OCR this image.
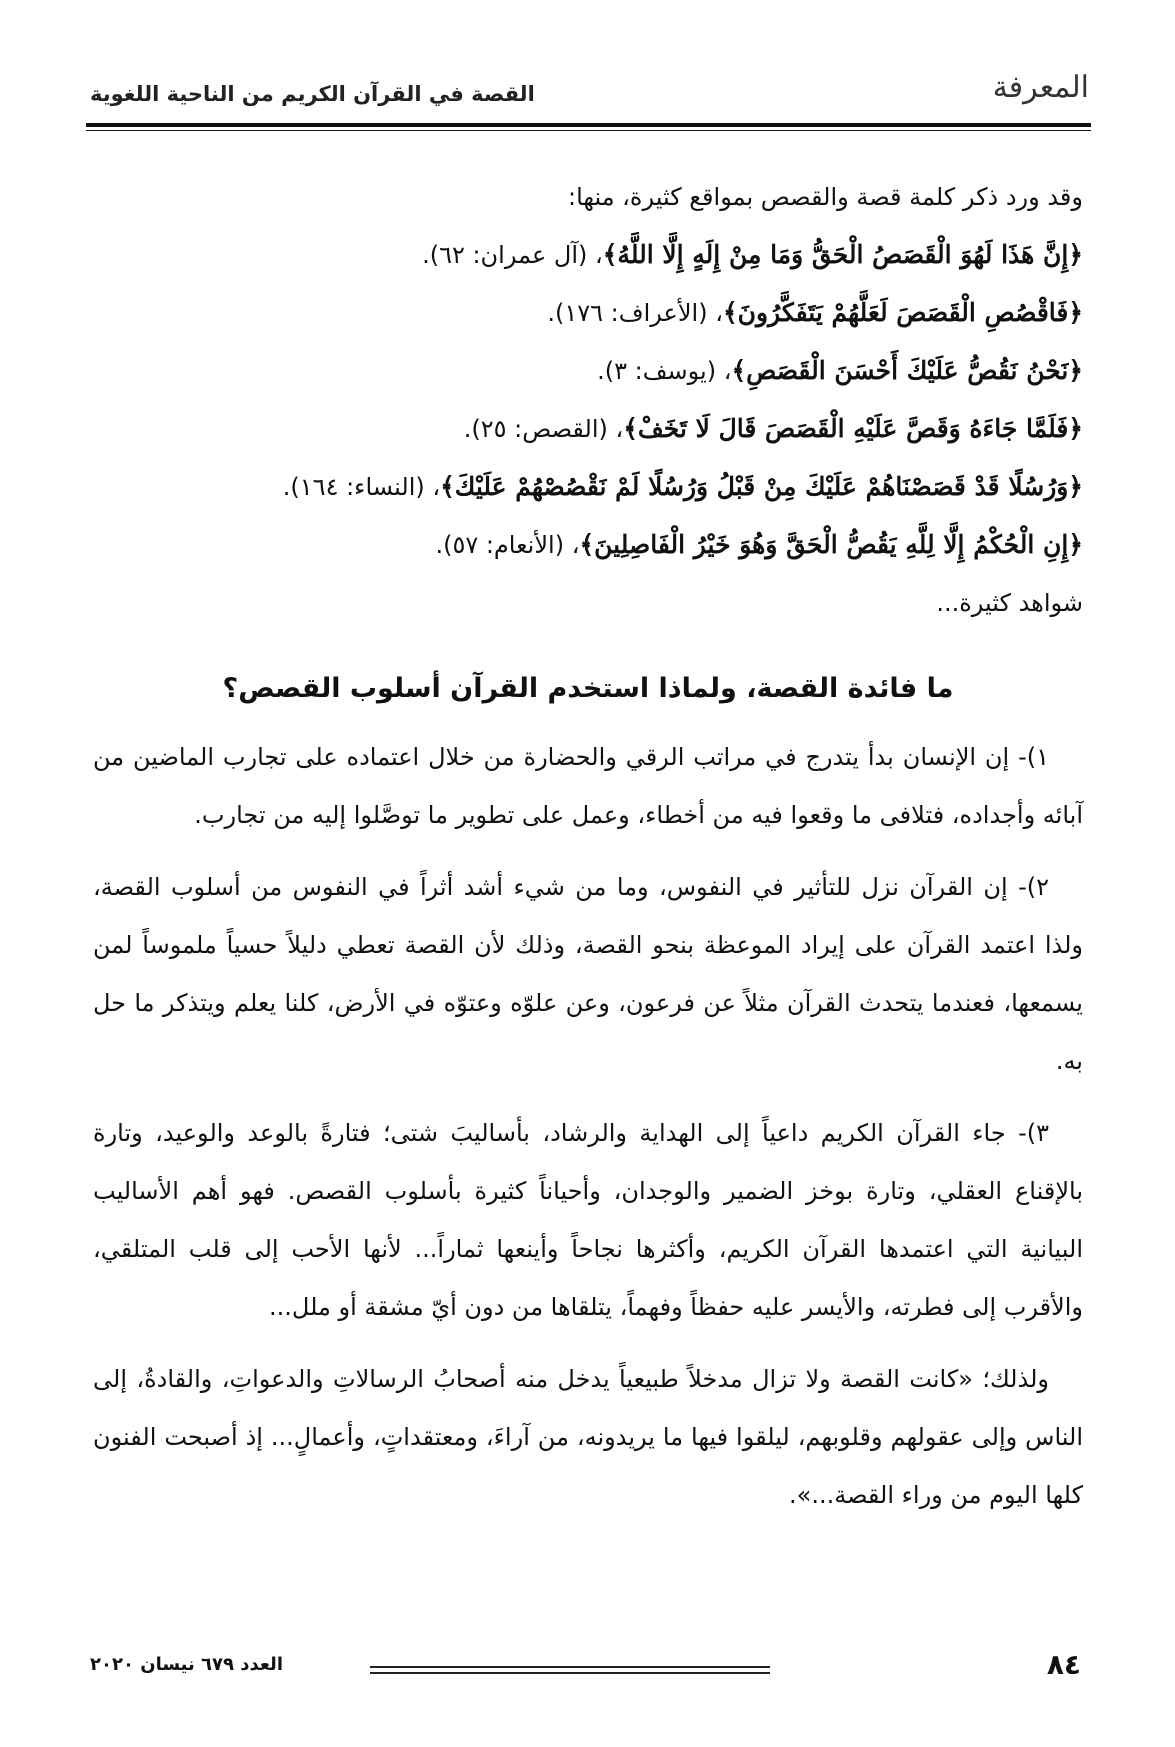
المعرفة
القصة في القرآن الكريم من الناحية اللغوية

وقد ورد ذكر كلمة قصة والقصص بمواقع كثيرة، منها:

﴿إِنَّ هَذَا لَهُوَ الْقَصَصُ الْحَقُّ وَمَا مِنْ إِلَهٍ إِلَّا اللَّهُ﴾، (آل عمران: ٦٢).
﴿فَاقْصُصِ الْقَصَصَ لَعَلَّهُمْ يَتَفَكَّرُونَ﴾، (الأعراف: ١٧٦).
﴿نَحْنُ نَقُصُّ عَلَيْكَ أَحْسَنَ الْقَصَصِ﴾، (يوسف: ٣).
﴿فَلَمَّا جَاءَهُ وَقَصَّ عَلَيْهِ الْقَصَصَ قَالَ لَا تَخَفْ﴾، (القصص: ٢٥).
﴿وَرُسُلًا قَدْ قَصَصْنَاهُمْ عَلَيْكَ مِنْ قَبْلُ وَرُسُلًا لَمْ نَقْصُصْهُمْ عَلَيْكَ﴾، (النساء: ١٦٤).
﴿إِنِ الْحُكْمُ إِلَّا لِلَّهِ يَقُصُّ الْحَقَّ وَهُوَ خَيْرُ الْفَاصِلِينَ﴾، (الأنعام: ٥٧).

شواهد كثيرة...

ما فائدة القصة، ولماذا استخدم القرآن أسلوب القصص؟

١)- إن الإنسان بدأ يتدرج في مراتب الرقي والحضارة من خلال اعتماده على تجارب الماضين من آبائه وأجداده، فتلافى ما وقعوا فيه من أخطاء، وعمل على تطوير ما توصَّلوا إليه من تجارب.

٢)- إن القرآن نزل للتأثير في النفوس، وما من شيء أشد أثراً في النفوس من أسلوب القصة، ولذا اعتمد القرآن على إيراد الموعظة بنحو القصة، وذلك لأن القصة تعطي دليلاً حسياً ملموساً لمن يسمعها، فعندما يتحدث القرآن مثلاً عن فرعون، وعن علوّه وعتوّه في الأرض، كلنا يعلم ويتذكر ما حل به.

٣)- جاء القرآن الكريم داعياً إلى الهداية والرشاد، بأساليبَ شتى؛ فتارةً بالوعد والوعيد، وتارة بالإقناع العقلي، وتارة بوخز الضمير والوجدان، وأحياناً كثيرة بأسلوب القصص. فهو أهم الأساليب البيانية التي اعتمدها القرآن الكريم، وأكثرها نجاحاً وأينعها ثماراً... لأنها الأحب إلى قلب المتلقي، والأقرب إلى فطرته، والأيسر عليه حفظاً وفهماً، يتلقاها من دون أيّ مشقة أو ملل...

ولذلك؛ «كانت القصة ولا تزال مدخلاً طبيعياً يدخل منه أصحابُ الرسالاتِ والدعواتِ، والقادةُ، إلى الناس وإلى عقولهم وقلوبهم، ليلقوا فيها ما يريدونه، من آراءَ، ومعتقداتٍ، وأعمالٍ... إذ أصبحت الفنون كلها اليوم من وراء القصة...».

٨٤
العدد ٦٧٩ نيسان ٢٠٢٠
